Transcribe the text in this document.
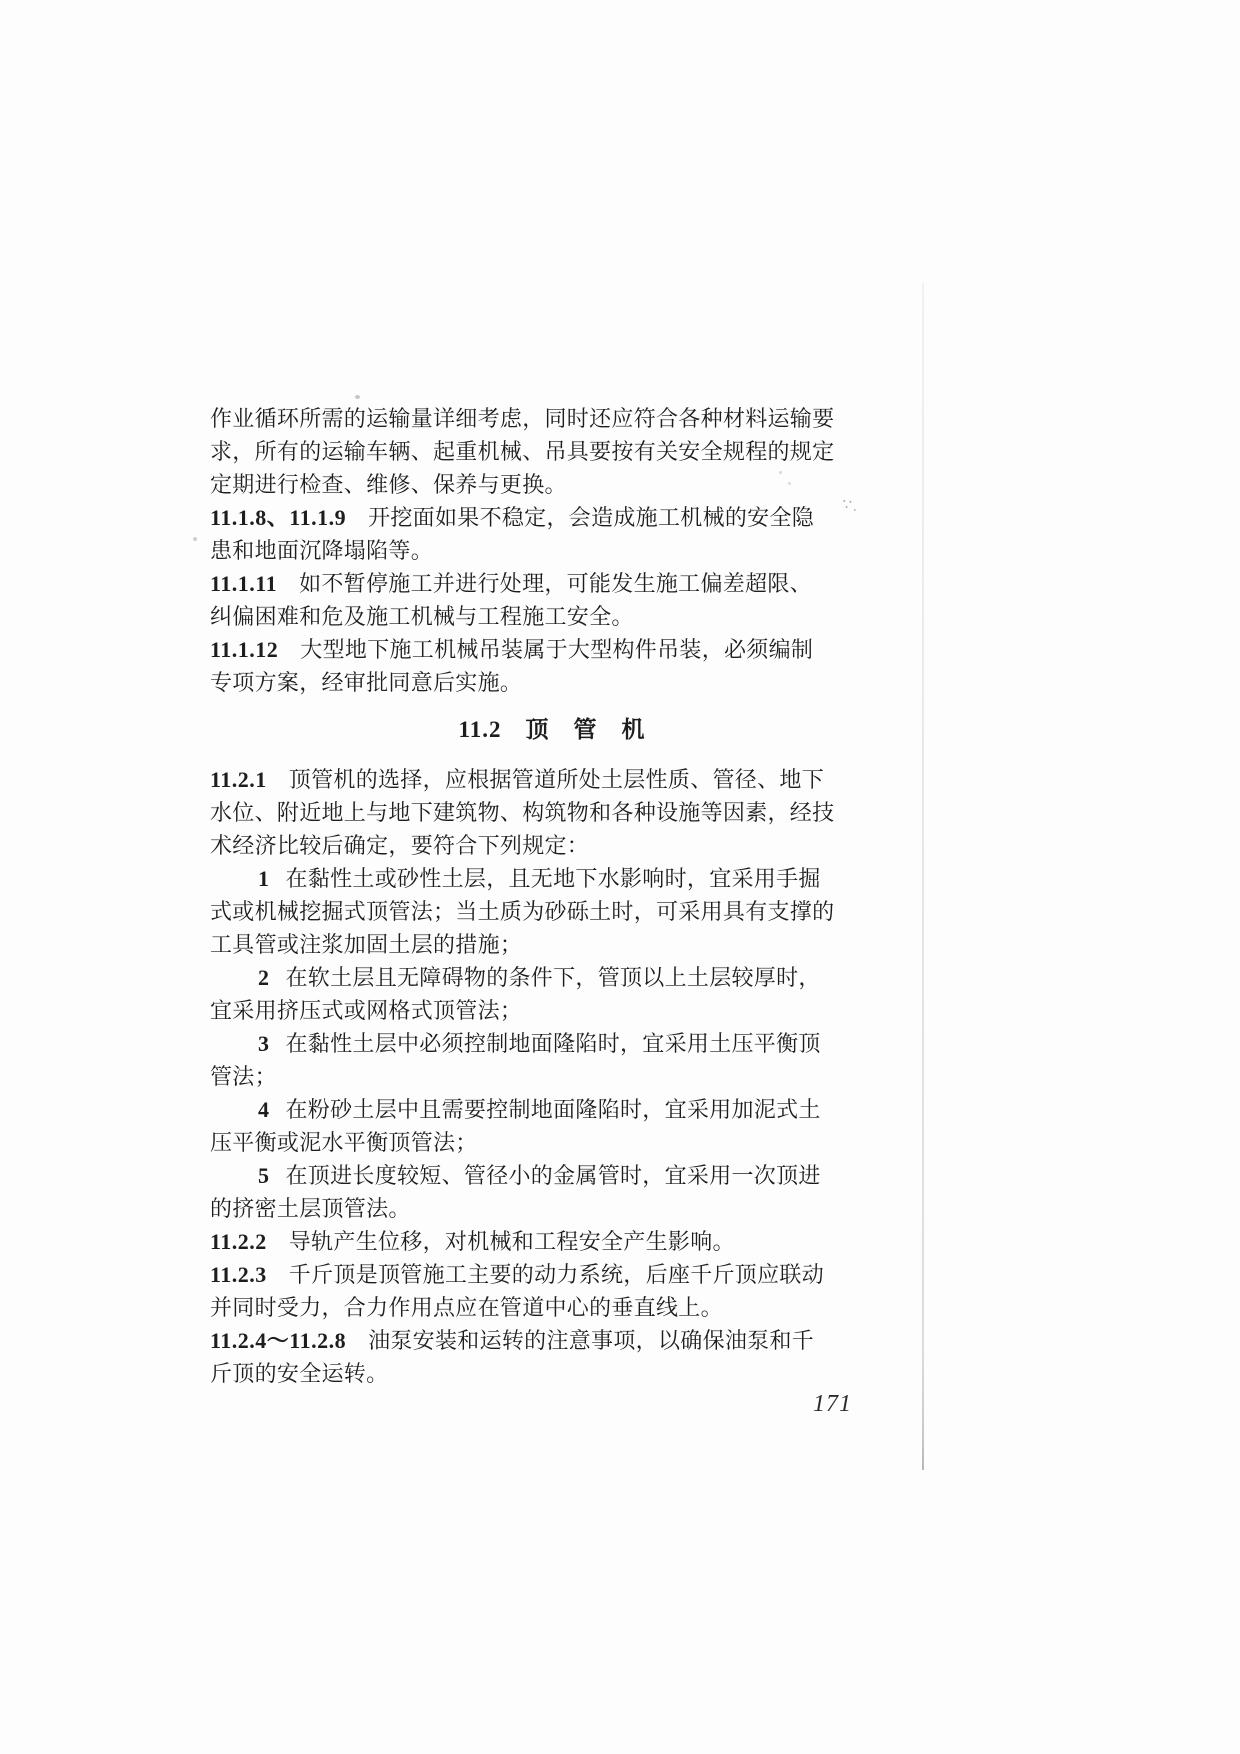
作业循环所需的运输量详细考虑，同时还应符合各种材料运输要
求，所有的运输车辆、起重机械、吊具要按有关安全规程的规定
定期进行检查、维修、保养与更换。
11.1.8、11.1.9 开挖面如果不稳定，会造成施工机械的安全隐
患和地面沉降塌陷等。
11.1.11 如不暂停施工并进行处理，可能发生施工偏差超限、
纠偏困难和危及施工机械与工程施工安全。
11.1.12 大型地下施工机械吊装属于大型构件吊装，必须编制
专项方案，经审批同意后实施。
11.2　顶　管　机
11.2.1 顶管机的选择，应根据管道所处土层性质、管径、地下
水位、附近地上与地下建筑物、构筑物和各种设施等因素，经技
术经济比较后确定，要符合下列规定：
1 在黏性土或砂性土层，且无地下水影响时，宜采用手掘
式或机械挖掘式顶管法；当土质为砂砾土时，可采用具有支撑的
工具管或注浆加固土层的措施；
2 在软土层且无障碍物的条件下，管顶以上土层较厚时，
宜采用挤压式或网格式顶管法；
3 在黏性土层中必须控制地面隆陷时，宜采用土压平衡顶
管法；
4 在粉砂土层中且需要控制地面隆陷时，宜采用加泥式土
压平衡或泥水平衡顶管法；
5 在顶进长度较短、管径小的金属管时，宜采用一次顶进
的挤密土层顶管法。
11.2.2 导轨产生位移，对机械和工程安全产生影响。
11.2.3 千斤顶是顶管施工主要的动力系统，后座千斤顶应联动
并同时受力，合力作用点应在管道中心的垂直线上。
11.2.4～11.2.8 油泵安装和运转的注意事项，以确保油泵和千
斤顶的安全运转。
171
∵.
